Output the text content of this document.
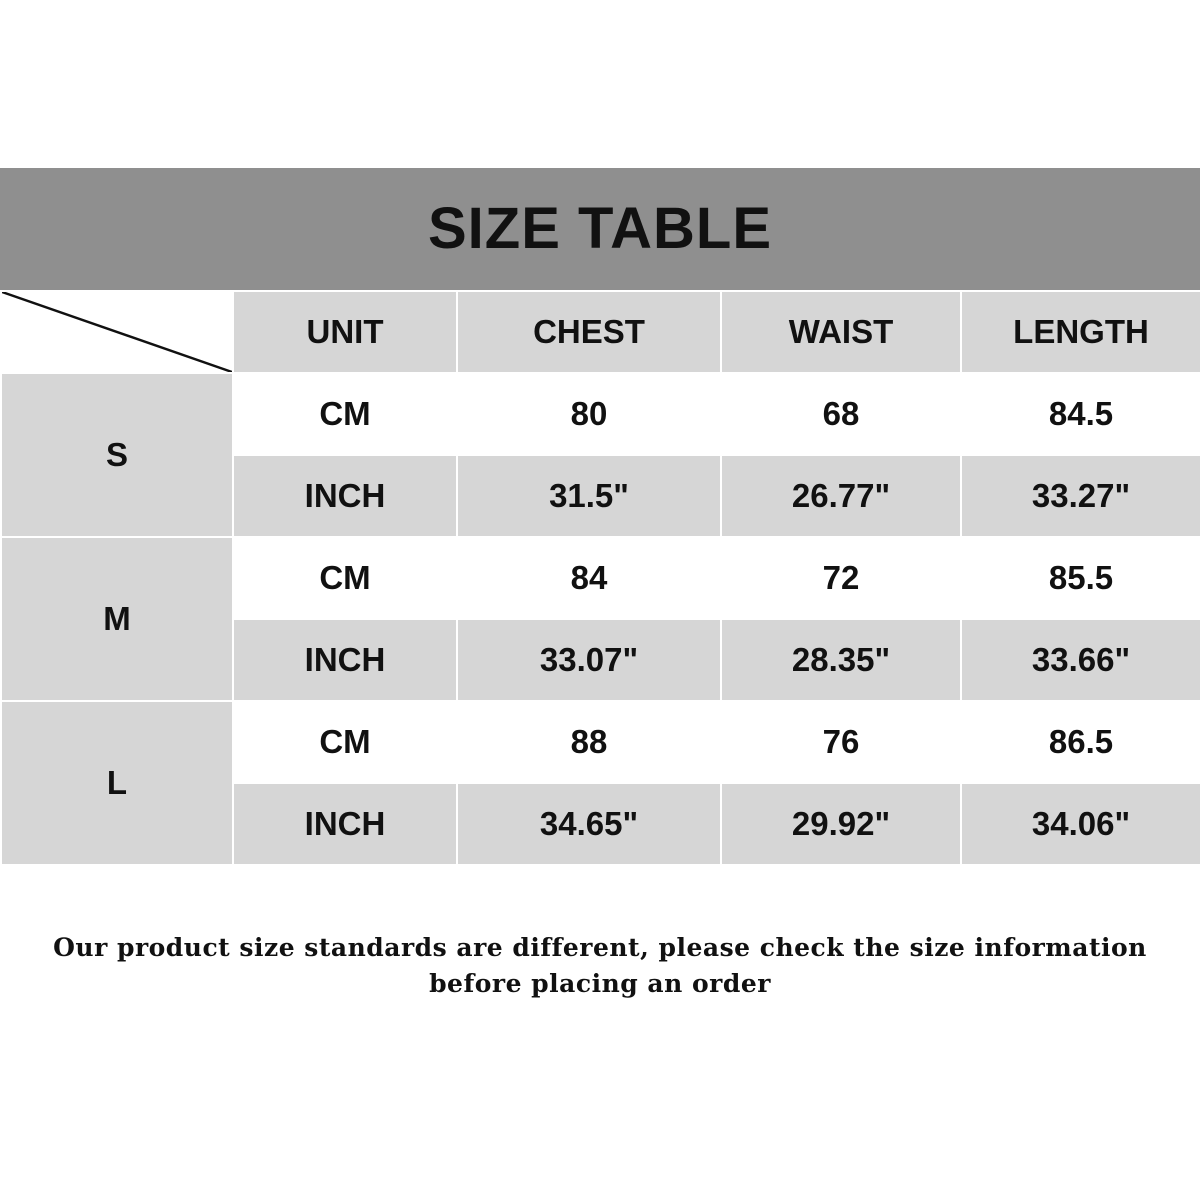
SIZE TABLE
	UNIT	CHEST	WAIST	LENGTH
S	CM	80	68	84.5
	INCH	31.5"	26.77"	33.27"
M	CM	84	72	85.5
	INCH	33.07"	28.35"	33.66"
L	CM	88	76	86.5
	INCH	34.65"	29.92"	34.06"
Our product size standards are different, please check the size information
before placing an order
